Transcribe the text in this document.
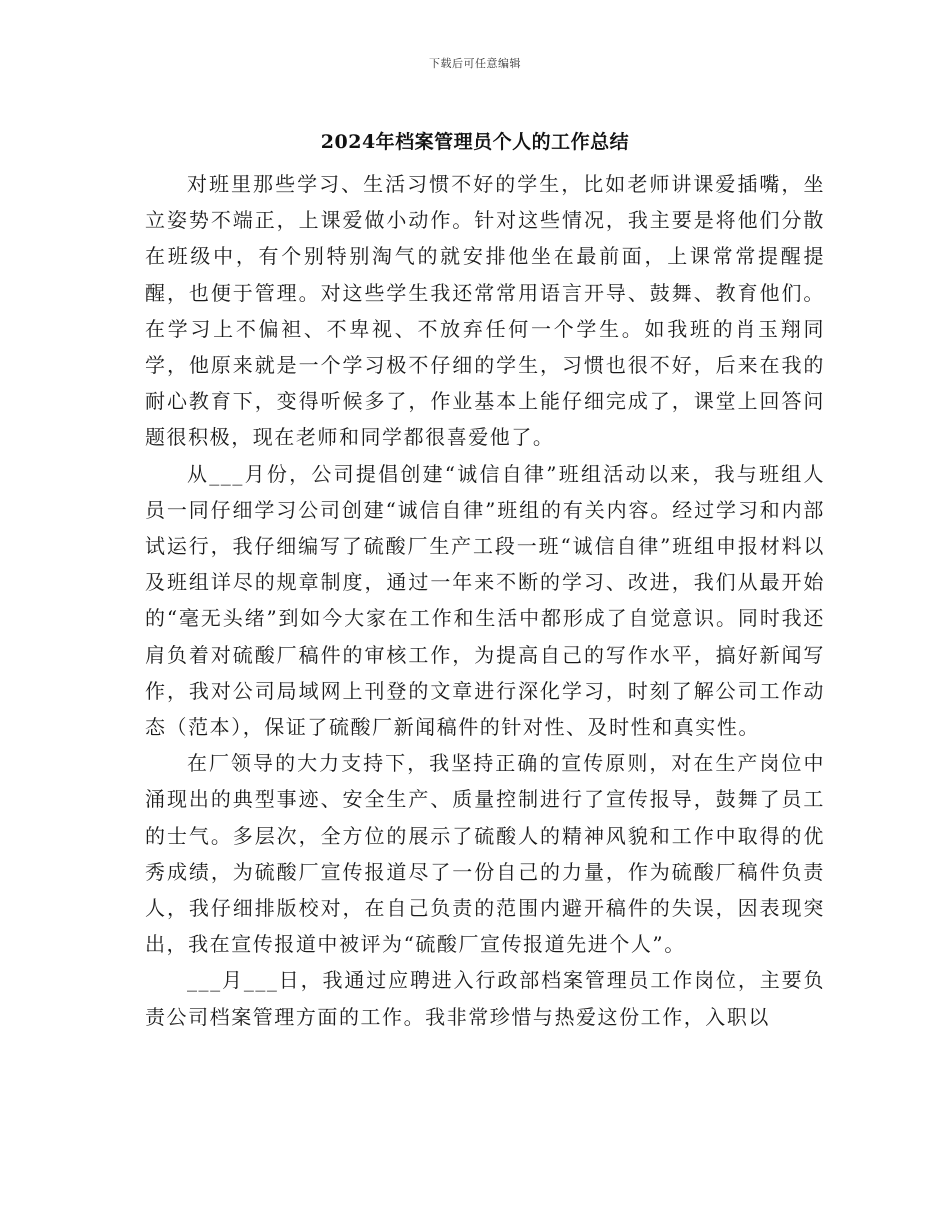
下载后可任意编辑
2024年档案管理员个人的工作总结

对班里那些学习、生活习惯不好的学生，比如老师讲课爱插嘴，坐立姿势不端正，上课爱做小动作。针对这些情况，我主要是将他们分散在班级中，有个别特别淘气的就安排他坐在最前面，上课常常提醒提醒，也便于管理。对这些学生我还常常用语言开导、鼓舞、教育他们。在学习上不偏袒、不卑视、不放弃任何一个学生。如我班的肖玉翔同学，他原来就是一个学习极不仔细的学生，习惯也很不好，后来在我的耐心教育下，变得听候多了，作业基本上能仔细完成了，课堂上回答问题很积极，现在老师和同学都很喜爱他了。

从___月份，公司提倡创建“诚信自律”班组活动以来，我与班组人员一同仔细学习公司创建“诚信自律”班组的有关内容。经过学习和内部试运行，我仔细编写了硫酸厂生产工段一班“诚信自律”班组申报材料以及班组详尽的规章制度，通过一年来不断的学习、改进，我们从最开始的“毫无头绪”到如今大家在工作和生活中都形成了自觉意识。同时我还肩负着对硫酸厂稿件的审核工作，为提高自己的写作水平，搞好新闻写作，我对公司局域网上刊登的文章进行深化学习，时刻了解公司工作动态（范本），保证了硫酸厂新闻稿件的针对性、及时性和真实性。

在厂领导的大力支持下，我坚持正确的宣传原则，对在生产岗位中涌现出的典型事迹、安全生产、质量控制进行了宣传报导，鼓舞了员工的士气。多层次，全方位的展示了硫酸人的精神风貌和工作中取得的优秀成绩，为硫酸厂宣传报道尽了一份自己的力量，作为硫酸厂稿件负责人，我仔细排版校对，在自己负责的范围内避开稿件的失误，因表现突出，我在宣传报道中被评为“硫酸厂宣传报道先进个人”。

___月___日，我通过应聘进入行政部档案管理员工作岗位，主要负责公司档案管理方面的工作。我非常珍惜与热爱这份工作，入职以
